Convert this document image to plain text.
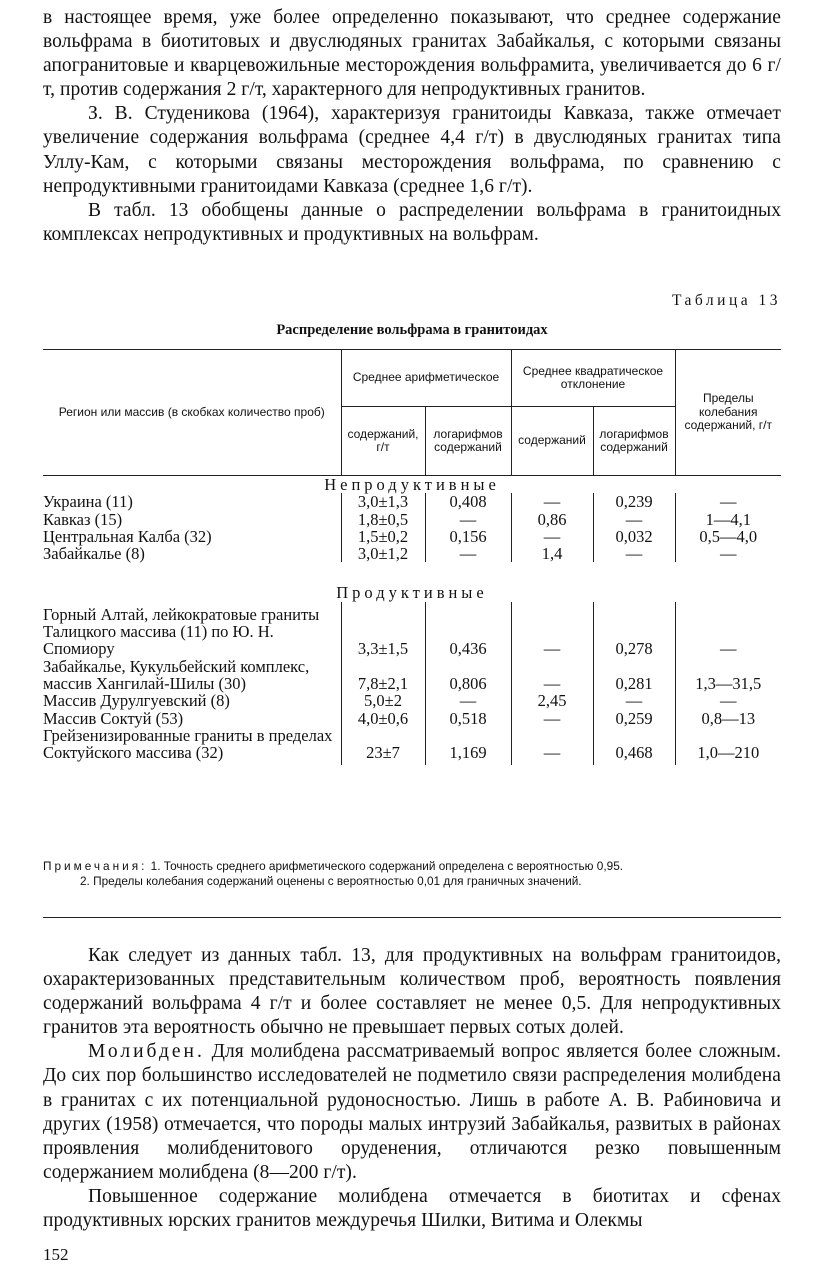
в настоящее время, уже более определенно показывают, что среднее содержание вольфрама в биотитовых и двуслюдяных гранитах Забайкалья, с которыми связаны апогранитовые и кварцевожильные месторождения вольфрамита, увеличивается до 6 г/т, против содержания 2 г/т, характерного для непродуктивных гранитов.

З. В. Студеникова (1964), характеризуя гранитоиды Кавказа, также отмечает увеличение содержания вольфрама (среднее 4,4 г/т) в двуслюдяных гранитах типа Уллу-Кам, с которыми связаны месторождения вольфрама, по сравнению с непродуктивными гранитоидами Кавказа (среднее 1,6 г/т).

В табл. 13 обобщены данные о распределении вольфрама в гранитоидных комплексах непродуктивных и продуктивных на вольфрам.

Таблица 13
Распределение вольфрама в гранитоидах
Регион или массив (в скобках количество проб)	Среднее арифметическое		Среднее квадратическое отклонение		Пределы колебания содержаний, г/т
	содержаний, г/т	логарифмов содержаний	содержаний	логарифмов содержаний	
Непродуктивные					
Украина (11)	3,0±1,3	0,408	—	0,239	—
Кавказ (15)	1,8±0,5	—	0,86	—	1—4,1
Центральная Калба (32)	1,5±0,2	0,156	—	0,032	0,5—4,0
Забайкалье (8)	3,0±1,2	—	1,4	—	—
Продуктивные					
Горный Алтай, лейкократовые граниты Талицкого массива (11) по Ю. Н. Спомиору	3,3±1,5	0,436	—	0,278	—
Забайкалье, Кукульбейский комплекс, массив Хангилай-Шилы (30)	7,8±2,1	0,806	—	0,281	1,3—31,5
Массив Дурулгуевский (8)	5,0±2	—	2,45	—	—
Массив Сoктуй (53)	4,0±0,6	0,518	—	0,259	0,8—13
Грейзенизированные граниты в пределах Соктуйского массива (32)	23±7	1,169	—	0,468	1,0—210

Примечания: 1. Точность среднего арифметического содержаний определена с вероятностью 0,95.

2. Пределы колебания содержаний оценены с вероятностью 0,01 для граничных значений.

Как следует из данных табл. 13, для продуктивных на вольфрам гранитоидов, охарактеризованных представительным количеством проб, вероятность появления содержаний вольфрама 4 г/т и более составляет не менее 0,5. Для непродуктивных гранитов эта вероятность обычно не превышает первых сотых долей.

Молибден. Для молибдена рассматриваемый вопрос является более сложным. До сих пор большинство исследователей не подметило связи распределения молибдена в гранитах с их потенциальной рудоносностью. Лишь в работе А. В. Рабиновича и других (1958) отмечается, что породы малых интрузий Забайкалья, развитых в районах проявления молибденитового оруденения, отличаются резко повышенным содержанием молибдена (8—200 г/т).

Повышенное содержание молибдена отмечается в биотитах и сфенах продуктивных юрских гранитов междуречья Шилки, Витима и Олекмы

152
